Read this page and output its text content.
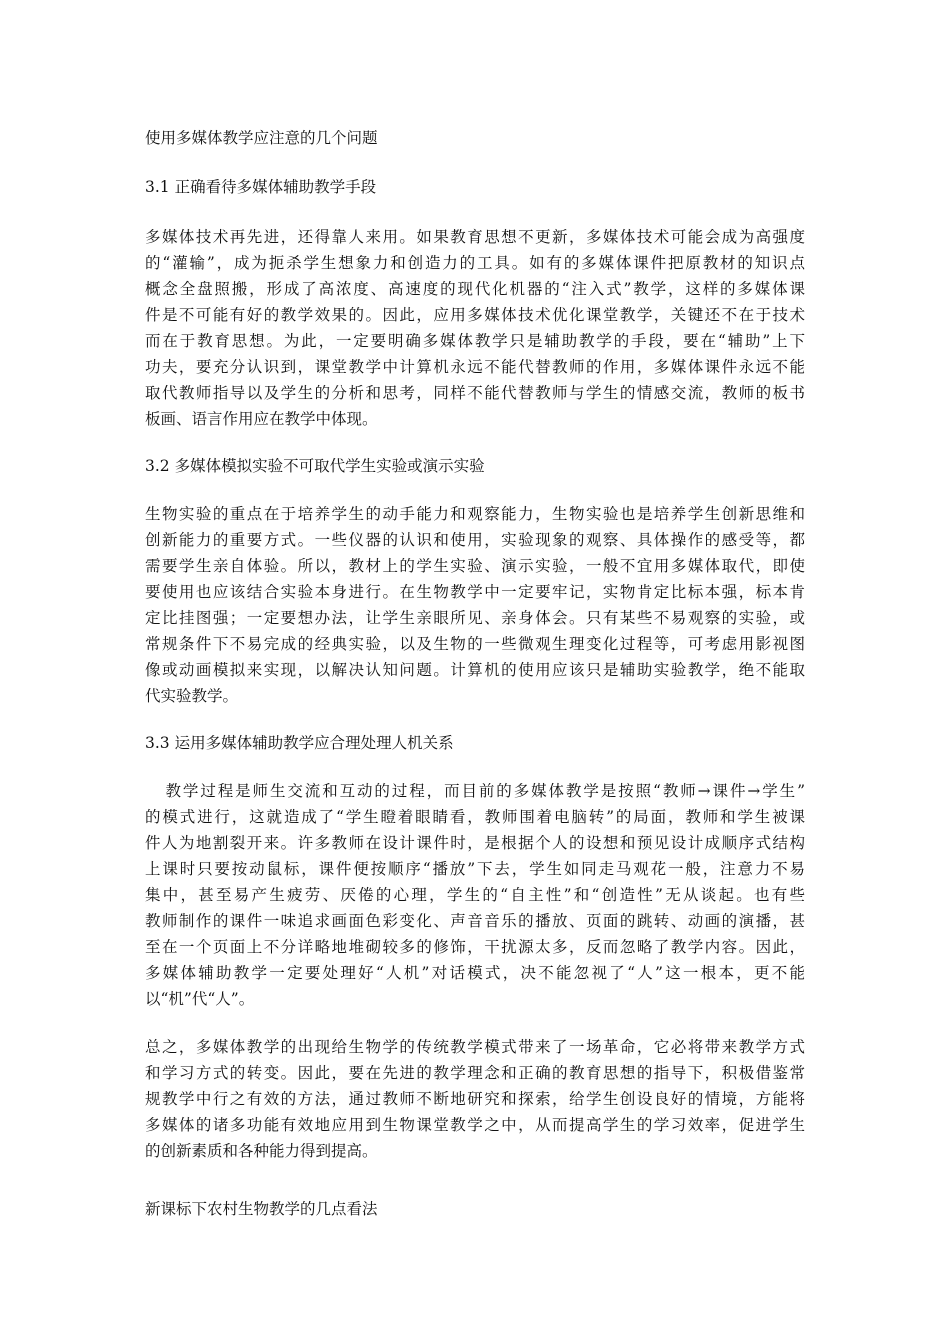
使用多媒体教学应注意的几个问题
3.1 正确看待多媒体辅助教学手段
多媒体技术再先进，还得靠人来用。如果教育思想不更新，多媒体技术可能会成为高强度
的“灌输”，成为扼杀学生想象力和创造力的工具。如有的多媒体课件把原教材的知识点
概念全盘照搬，形成了高浓度、高速度的现代化机器的“注入式”教学，这样的多媒体课
件是不可能有好的教学效果的。因此，应用多媒体技术优化课堂教学，关键还不在于技术
而在于教育思想。为此，一定要明确多媒体教学只是辅助教学的手段，要在“辅助”上下
功夫，要充分认识到，课堂教学中计算机永远不能代替教师的作用，多媒体课件永远不能
取代教师指导以及学生的分析和思考，同样不能代替教师与学生的情感交流，教师的板书
板画、语言作用应在教学中体现。
3.2 多媒体模拟实验不可取代学生实验或演示实验
生物实验的重点在于培养学生的动手能力和观察能力，生物实验也是培养学生创新思维和
创新能力的重要方式。一些仪器的认识和使用，实验现象的观察、具体操作的感受等，都
需要学生亲自体验。所以，教材上的学生实验、演示实验，一般不宜用多媒体取代，即使
要使用也应该结合实验本身进行。在生物教学中一定要牢记，实物肯定比标本强，标本肯
定比挂图强；一定要想办法，让学生亲眼所见、亲身体会。只有某些不易观察的实验，或
常规条件下不易完成的经典实验，以及生物的一些微观生理变化过程等，可考虑用影视图
像或动画模拟来实现，以解决认知问题。计算机的使用应该只是辅助实验教学，绝不能取
代实验教学。
3.3 运用多媒体辅助教学应合理处理人机关系
教学过程是师生交流和互动的过程，而目前的多媒体教学是按照“教师→课件→学生”
的模式进行，这就造成了“学生瞪着眼睛看，教师围着电脑转”的局面，教师和学生被课
件人为地割裂开来。许多教师在设计课件时，是根据个人的设想和预见设计成顺序式结构
上课时只要按动鼠标，课件便按顺序“播放”下去，学生如同走马观花一般，注意力不易
集中，甚至易产生疲劳、厌倦的心理，学生的“自主性”和“创造性”无从谈起。也有些
教师制作的课件一味追求画面色彩变化、声音音乐的播放、页面的跳转、动画的演播，甚
至在一个页面上不分详略地堆砌较多的修饰，干扰源太多，反而忽略了教学内容。因此，
多媒体辅助教学一定要处理好“人机”对话模式，决不能忽视了“人”这一根本，更不能
以“机”代“人”。
总之，多媒体教学的出现给生物学的传统教学模式带来了一场革命，它必将带来教学方式
和学习方式的转变。因此，要在先进的教学理念和正确的教育思想的指导下，积极借鉴常
规教学中行之有效的方法，通过教师不断地研究和探索，给学生创设良好的情境，方能将
多媒体的诸多功能有效地应用到生物课堂教学之中，从而提高学生的学习效率，促进学生
的创新素质和各种能力得到提高。
新课标下农村生物教学的几点看法
